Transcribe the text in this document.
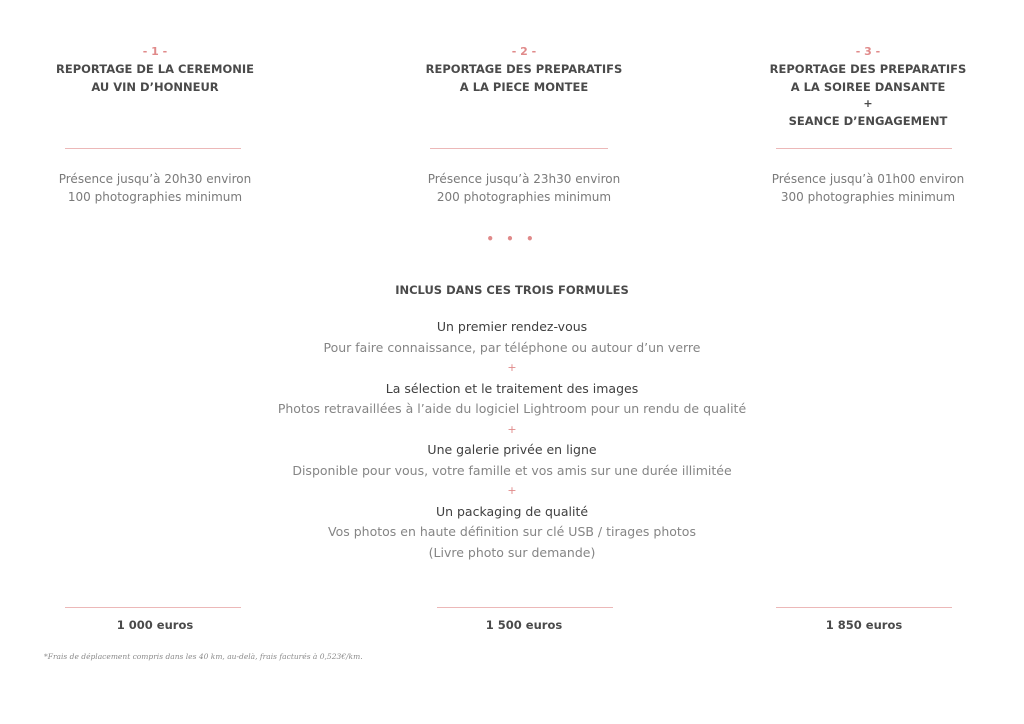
- 1 -
REPORTAGE DE LA CEREMONIE
AU VIN D’HONNEUR
- 2 -
REPORTAGE DES PREPARATIFS
A LA PIECE MONTEE
- 3 -
REPORTAGE DES PREPARATIFS
A LA SOIREE DANSANTE
+
SEANCE D’ENGAGEMENT
Présence jusqu’à 20h30 environ
100 photographies minimum
Présence jusqu’à 23h30 environ
200 photographies minimum
Présence jusqu’à 01h00 environ
300 photographies minimum
• • •
INCLUS DANS CES TROIS FORMULES
Un premier rendez-vous
Pour faire connaissance, par téléphone ou autour d’un verre
+
La sélection et le traitement des images
Photos retravaillées à l’aide du logiciel Lightroom pour un rendu de qualité
+
Une galerie privée en ligne
Disponible pour vous, votre famille et vos amis sur une durée illimitée
+
Un packaging de qualité
Vos photos en haute définition sur clé USB / tirages photos
(Livre photo sur demande)
1 000 euros	1 500 euros	1 850 euros
*Frais de déplacement compris dans les 40 km, au-delà, frais facturés à 0,523€/km.
